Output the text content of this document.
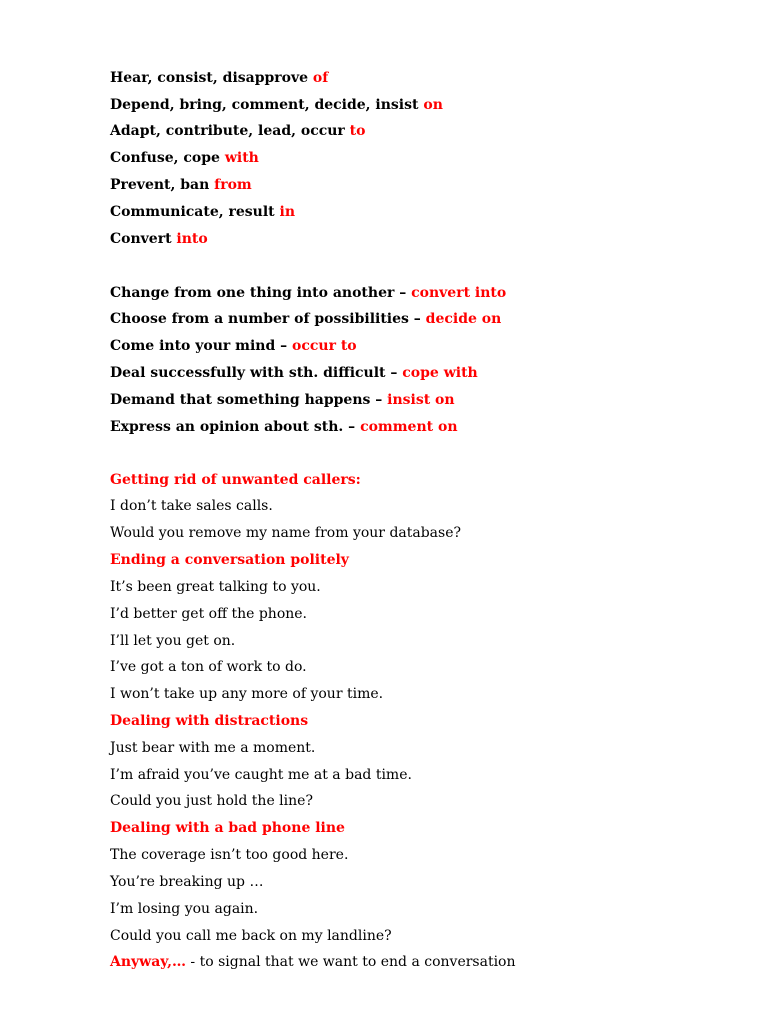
Hear, consist, disapprove of
Depend, bring, comment, decide, insist on
Adapt, contribute, lead, occur to
Confuse, cope with
Prevent, ban from
Communicate, result in
Convert into
Change from one thing into another – convert into
Choose from a number of possibilities – decide on
Come into your mind – occur to
Deal successfully with sth. difficult – cope with
Demand that something happens – insist on
Express an opinion about sth. – comment on
Getting rid of unwanted callers:
I don’t take sales calls.
Would you remove my name from your database?
Ending a conversation politely
It’s been great talking to you.
I’d better get off the phone.
I’ll let you get on.
I’ve got a ton of work to do.
I won’t take up any more of your time.
Dealing with distractions
Just bear with me a moment.
I’m afraid you’ve caught me at a bad time.
Could you just hold the line?
Dealing with a bad phone line
The coverage isn’t too good here.
You’re breaking up …
I’m losing you again.
Could you call me back on my landline?
Anyway,… - to signal that we want to end a conversation
